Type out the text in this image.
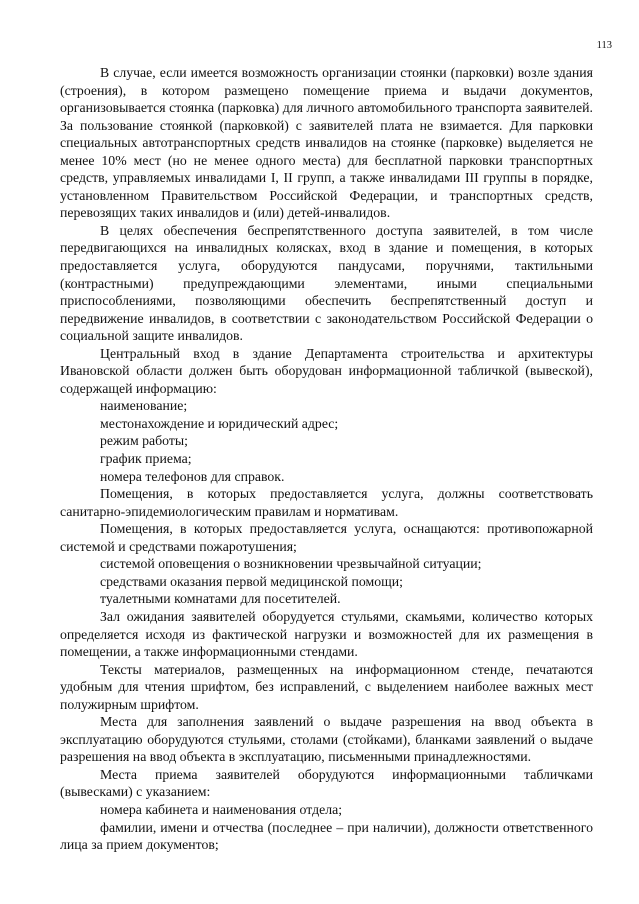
113

В случае, если имеется возможность организации стоянки (парковки) возле здания (строения), в котором размещено помещение приема и выдачи документов, организовывается стоянка (парковка) для личного автомобильного транспорта заявителей. За пользование стоянкой (парковкой) с заявителей плата не взимается. Для парковки специальных автотранспортных средств инвалидов на стоянке (парковке) выделяется не менее 10% мест (но не менее одного места) для бесплатной парковки транспортных средств, управляемых инвалидами I, II групп, а также инвалидами III группы в порядке, установленном Правительством Российской Федерации, и транспортных средств, перевозящих таких инвалидов и (или) детей-инвалидов.

В целях обеспечения беспрепятственного доступа заявителей, в том числе передвигающихся на инвалидных колясках, вход в здание и помещения, в которых предоставляется услуга, оборудуются пандусами, поручнями, тактильными (контрастными) предупреждающими элементами, иными специальными приспособлениями, позволяющими обеспечить беспрепятственный доступ и передвижение инвалидов, в соответствии с законодательством Российской Федерации о социальной защите инвалидов.

Центральный вход в здание Департамента строительства и архитектуры Ивановской области должен быть оборудован информационной табличкой (вывеской), содержащей информацию:

наименование;

местонахождение и юридический адрес;

режим работы;

график приема;

номера телефонов для справок.

Помещения, в которых предоставляется услуга, должны соответствовать санитарно-эпидемиологическим правилам и нормативам.

Помещения, в которых предоставляется услуга, оснащаются: противопожарной системой и средствами пожаротушения;

системой оповещения о возникновении чрезвычайной ситуации;

средствами оказания первой медицинской помощи;

туалетными комнатами для посетителей.

Зал ожидания заявителей оборудуется стульями, скамьями, количество которых определяется исходя из фактической нагрузки и возможностей для их размещения в помещении, а также информационными стендами.

Тексты материалов, размещенных на информационном стенде, печатаются удобным для чтения шрифтом, без исправлений, с выделением наиболее важных мест полужирным шрифтом.

Места для заполнения заявлений о выдаче разрешения на ввод объекта в эксплуатацию оборудуются стульями, столами (стойками), бланками заявлений о выдаче разрешения на ввод объекта в эксплуатацию, письменными принадлежностями.

Места приема заявителей оборудуются информационными табличками (вывесками) с указанием:

номера кабинета и наименования отдела;

фамилии, имени и отчества (последнее – при наличии), должности ответственного лица за прием документов;
